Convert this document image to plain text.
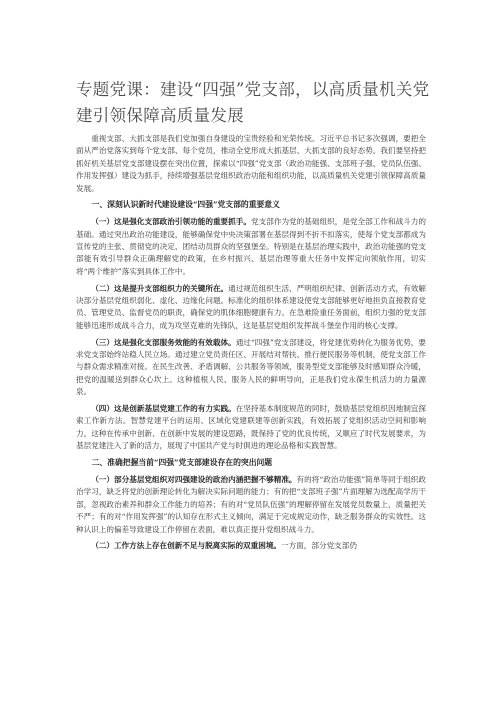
专题党课：建设“四强”党支部，以高质量机关党建引领保障高质量发展

重视支部、大抓支部是我们党加强自身建设的宝贵经验和光荣传统。习近平总书记多次强调，要把全面从严治党落实到每个党支部、每个党员，推动全党形成大抓基层、大抓支部的良好态势。我们要坚持把抓好机关基层党支部建设摆在突出位置，探索以“四强”党支部（政治功能强、支部班子强、党员队伍强、作用发挥强）建设为抓手，持续增强基层党组织政治功能和组织功能，以高质量机关党建引领保障高质量发展。

一、深刻认识新时代建设建设“四强”党支部的重要意义

（一）这是强化支部政治引领功能的重要抓手。党支部作为党的基础组织，是党全部工作和战斗力的基础。通过突出政治功能建设，能够确保党中央决策部署在基层得到不折不扣落实，使每个党支部都成为宣传党的主张、贯彻党的决定、团结动员群众的坚强堡垒。特别是在基层治理实践中，政治功能强的党支部能有效引导群众正确理解党的政策，在乡村振兴、基层治理等重大任务中发挥定向领航作用，切实将“两个维护”落实到具体工作中。

（二）这是提升支部组织力的关键所在。通过规范组织生活、严明组织纪律、创新活动方式，有效解决部分基层党组织弱化、虚化、边缘化问题。标准化的组织体系建设使党支部能够更好地担负直接教育党员、管理党员、监督党员的职责，确保党的肌体细胞健康有力。在急难险重任务面前，组织力强的党支部能够迅速形成战斗合力，成为攻坚克难的先锋队，这是基层党组织发挥战斗堡垒作用的核心支撑。

（三）这是强化支部服务效能的有效载体。通过“四强”党支部建设，将党建优势转化为服务优势，要求党支部始终站稳人民立场。通过建立党员责任区、开展结对帮扶、推行便民服务等机制，使党支部工作与群众需求精准对接。在民生改善、矛盾调解、公共服务等领域，服务型党支部能够及时感知群众冷暖，把党的温暖送到群众心坎上。这种植根人民、服务人民的鲜明导向，正是我们党永葆生机活力的力量源泉。

（四）这是创新基层党建工作的有力实践。在坚持基本制度规范的同时，鼓励基层党组织因地制宜探索工作新方法。智慧党建平台的运用、区域化党建联建等创新实践，有效拓展了党组织活动空间和影响力。这种在传承中创新、在创新中发展的建设思路，既保持了党的优良传统，又顺应了时代发展要求，为基层党建注入了新的活力，展现了中国共产党与时俱进的理论品格和实践智慧。

二、准确把握当前“四强”党支部建设存在的突出问题

（一）部分基层党组织对四强建设的政治内涵把握不够精准。有的将“政治功能强”简单等同于组织政治学习，缺乏将党的创新理论转化为解决实际问题的能力；有的把“支部班子强”片面理解为选配高学历干部，忽视政治素养和群众工作能力的培养；有的对“党员队伍强”的理解停留在发展党员数量上，质量把关不严；有的对“作用发挥强”的认知存在形式主义倾向，满足于完成规定动作，缺乏服务群众的实效性。这种认识上的偏差导致建设工作停留在表面，难以真正提升党组织战斗力。

（二）工作方法上存在创新不足与脱离实际的双重困境。一方面，部分党支部仍
